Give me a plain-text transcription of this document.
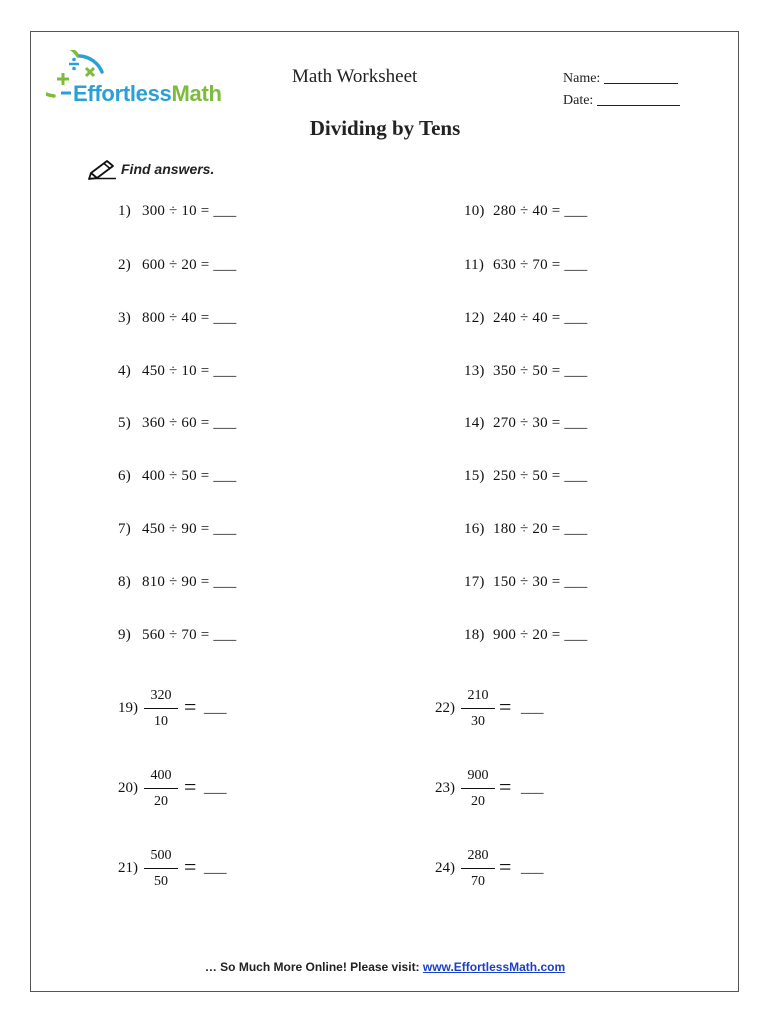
EffortlessMath
Math Worksheet	Name:
Date:
Dividing by Tens
Find answers.
1) 300 ÷ 10 = ___
2) 600 ÷ 20 = ___
3) 800 ÷ 40 = ___
4) 450 ÷ 10 = ___
5) 360 ÷ 60 = ___
6) 400 ÷ 50 = ___
7) 450 ÷ 90 = ___
8) 810 ÷ 90 = ___
9) 560 ÷ 70 = ___
10) 280 ÷ 40 = ___
11) 630 ÷ 70 = ___
12) 240 ÷ 40 = ___
13) 350 ÷ 50 = ___
14) 270 ÷ 30 = ___
15) 250 ÷ 50 = ___
16) 180 ÷ 20 = ___
17) 150 ÷ 30 = ___
18) 900 ÷ 20 = ___
19)
320
10
= ___
20)
400
20
= ___
21)
500
50
= ___
22)
210
30
= ___
23)
900
20
= ___
24)
280
70
= ___
… So Much More Online! Please visit: www.EffortlessMath.com
